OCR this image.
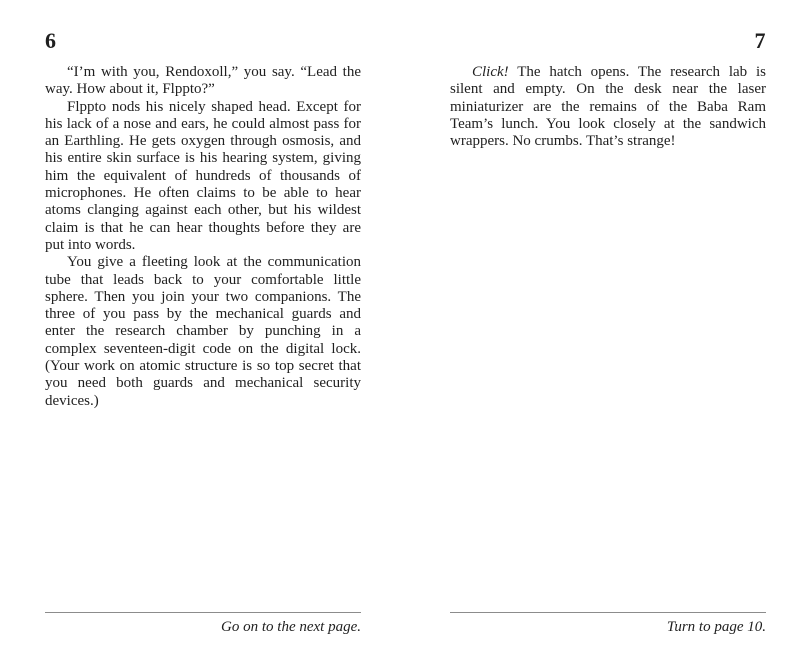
6

“I’m with you, Rendoxoll,” you say. “Lead the way. How about it, Flppto?”

Flppto nods his nicely shaped head. Except for his lack of a nose and ears, he could almost pass for an Earthling. He gets oxygen through osmosis, and his entire skin surface is his hearing system, giving him the equivalent of hundreds of thousands of microphones. He often claims to be able to hear atoms clanging against each other, but his wildest claim is that he can hear thoughts before they are put into words.

You give a fleeting look at the communication tube that leads back to your comfortable little sphere. Then you join your two companions. The three of you pass by the mechanical guards and enter the research chamber by punching in a complex seventeen-digit code on the digital lock. (Your work on atomic structure is so top secret that you need both guards and mechanical security devices.)

Go on to the next page.
7

Click! The hatch opens. The research lab is silent and empty. On the desk near the laser miniaturizer are the remains of the Baba Ram Team’s lunch. You look closely at the sandwich wrappers. No crumbs. That’s strange!

Turn to page 10.
